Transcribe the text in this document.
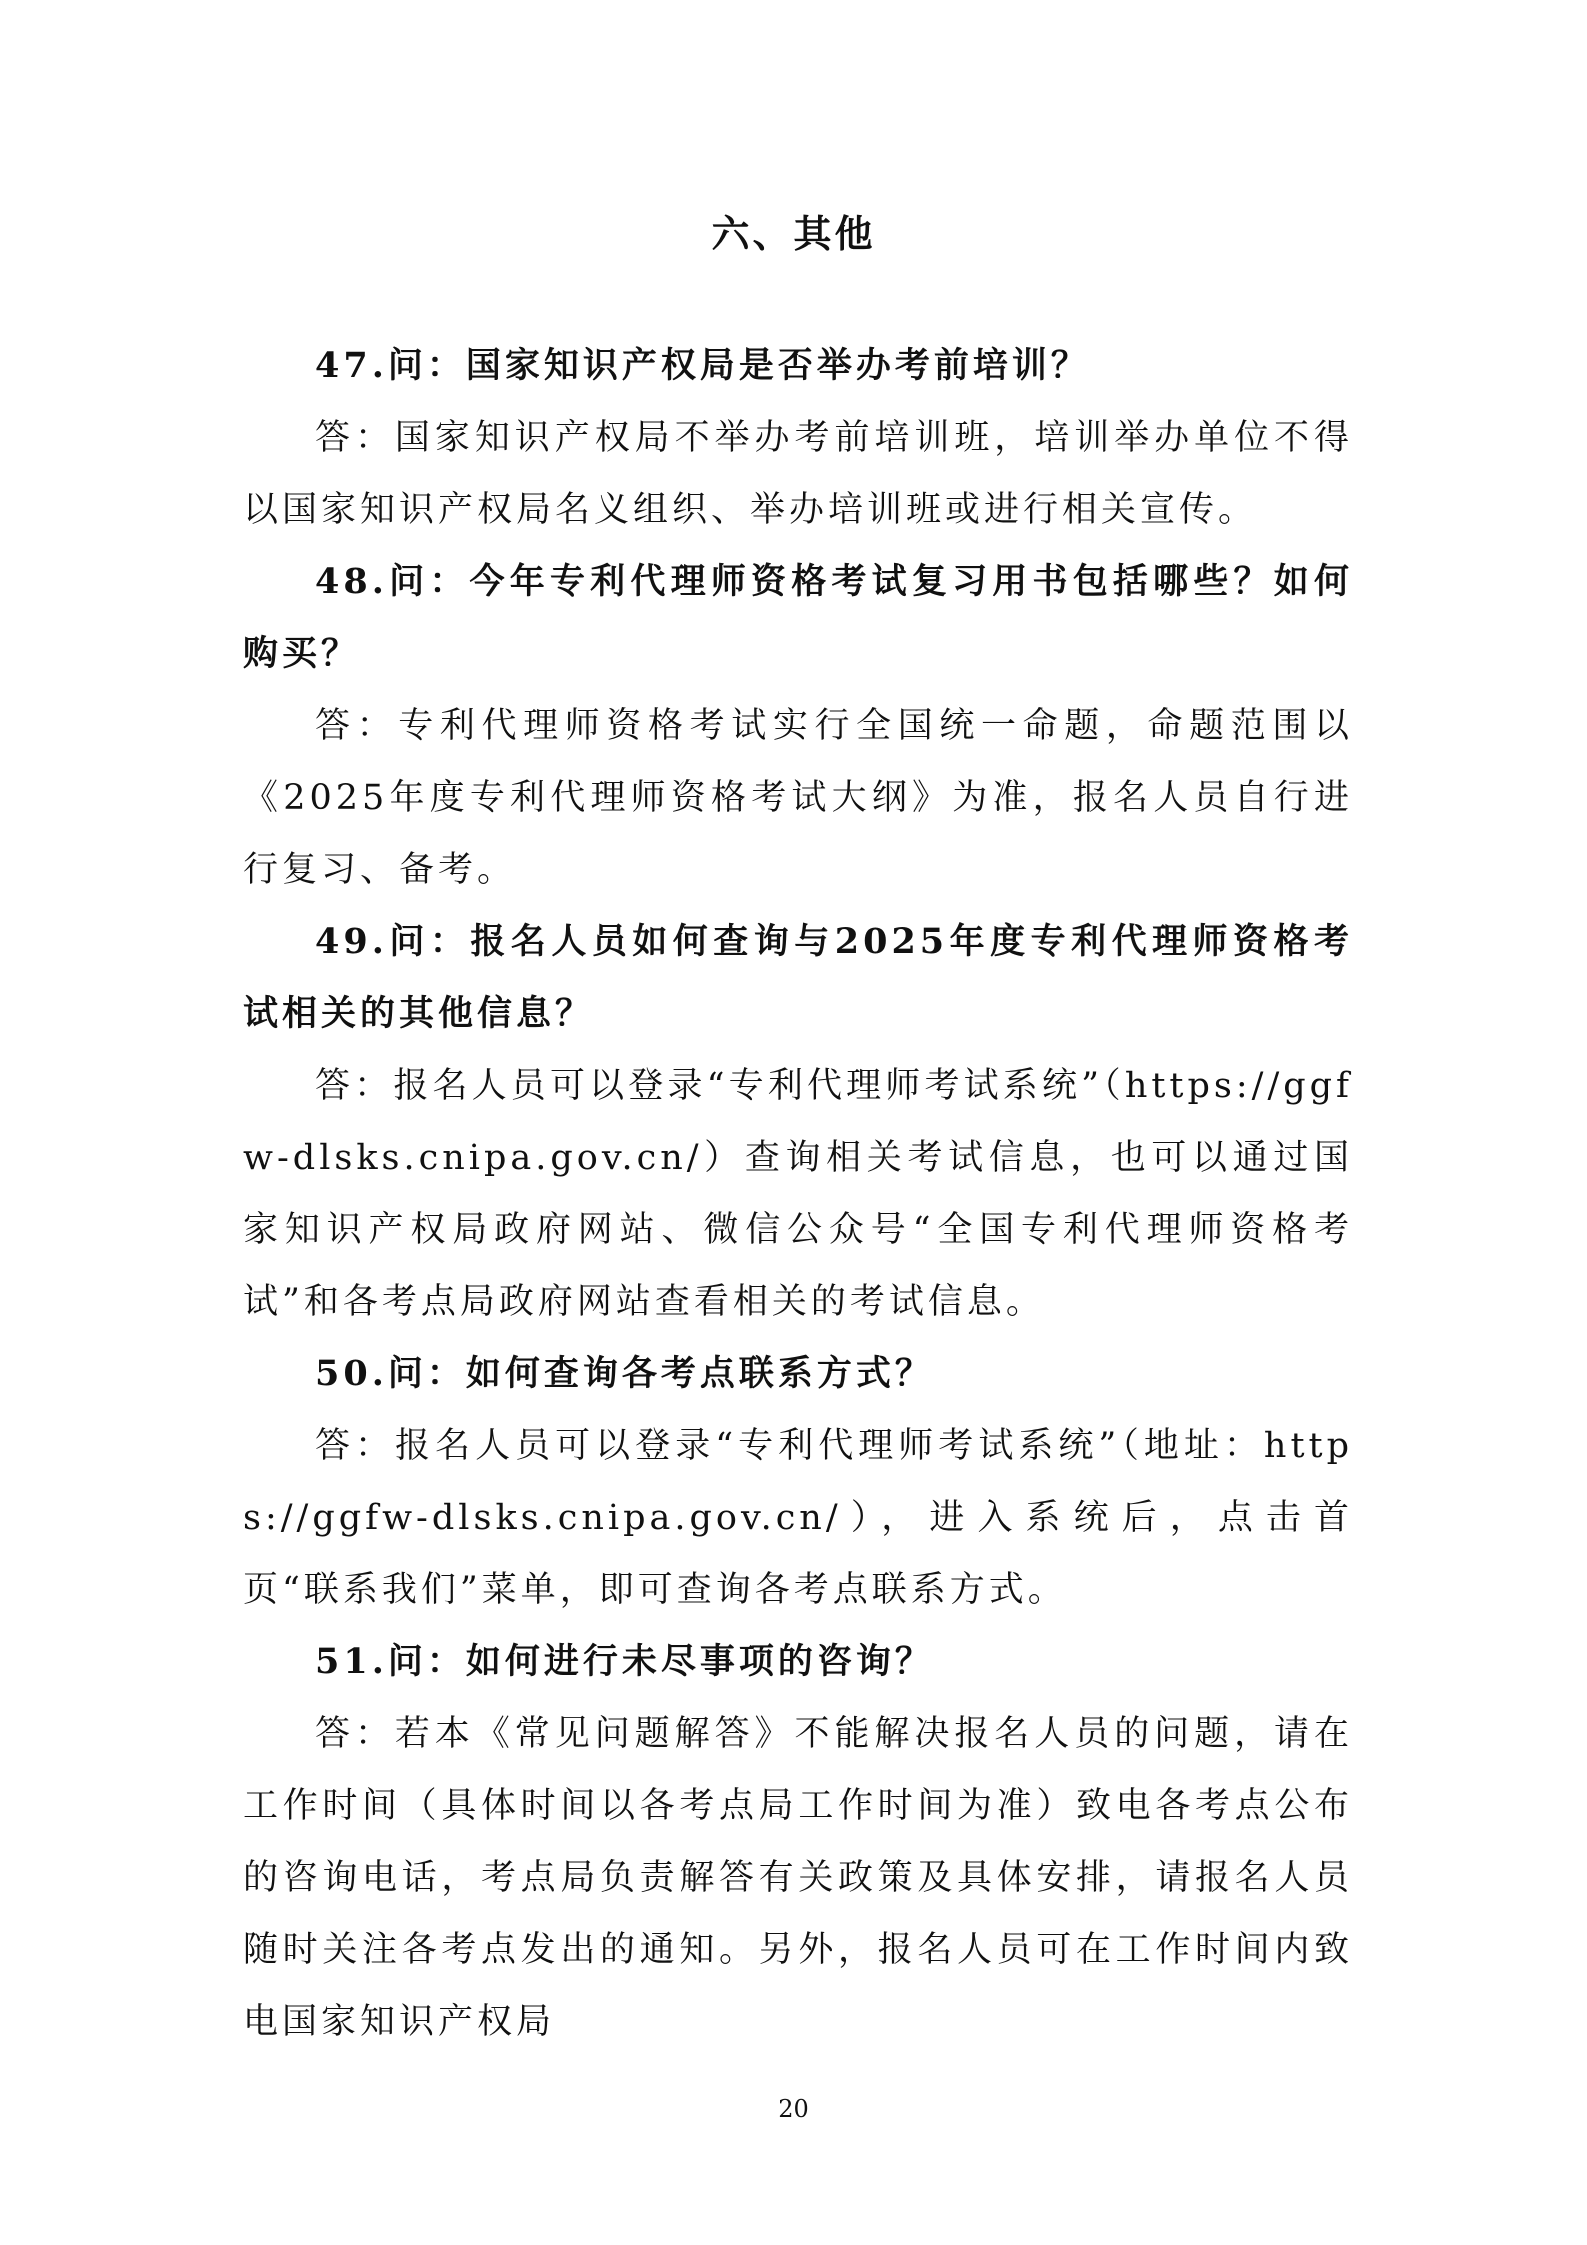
六、其他

47.问：国家知识产权局是否举办考前培训？

答：国家知识产权局不举办考前培训班，培训举办单位不得以国家知识产权局名义组织、举办培训班或进行相关宣传。

48.问：今年专利代理师资格考试复习用书包括哪些？如何购买？

答：专利代理师资格考试实行全国统一命题，命题范围以《2025年度专利代理师资格考试大纲》为准，报名人员自行进行复习、备考。

49.问：报名人员如何查询与2025年度专利代理师资格考试相关的其他信息？

答：报名人员可以登录“专利代理师考试系统”（https://ggfw-dlsks.cnipa.gov.cn/）查询相关考试信息，也可以通过国家知识产权局政府网站、微信公众号“全国专利代理师资格考试”和各考点局政府网站查看相关的考试信息。

50.问：如何查询各考点联系方式？

答：报名人员可以登录“专利代理师考试系统”（地址：https://ggfw-dlsks.cnipa.gov.cn/），进入系统后，点击首页“联系我们”菜单，即可查询各考点联系方式。

51.问：如何进行未尽事项的咨询？

答：若本《常见问题解答》不能解决报名人员的问题，请在工作时间（具体时间以各考点局工作时间为准）致电各考点公布的咨询电话，考点局负责解答有关政策及具体安排，请报名人员随时关注各考点发出的通知。另外，报名人员可在工作时间内致电国家知识产权局

20
